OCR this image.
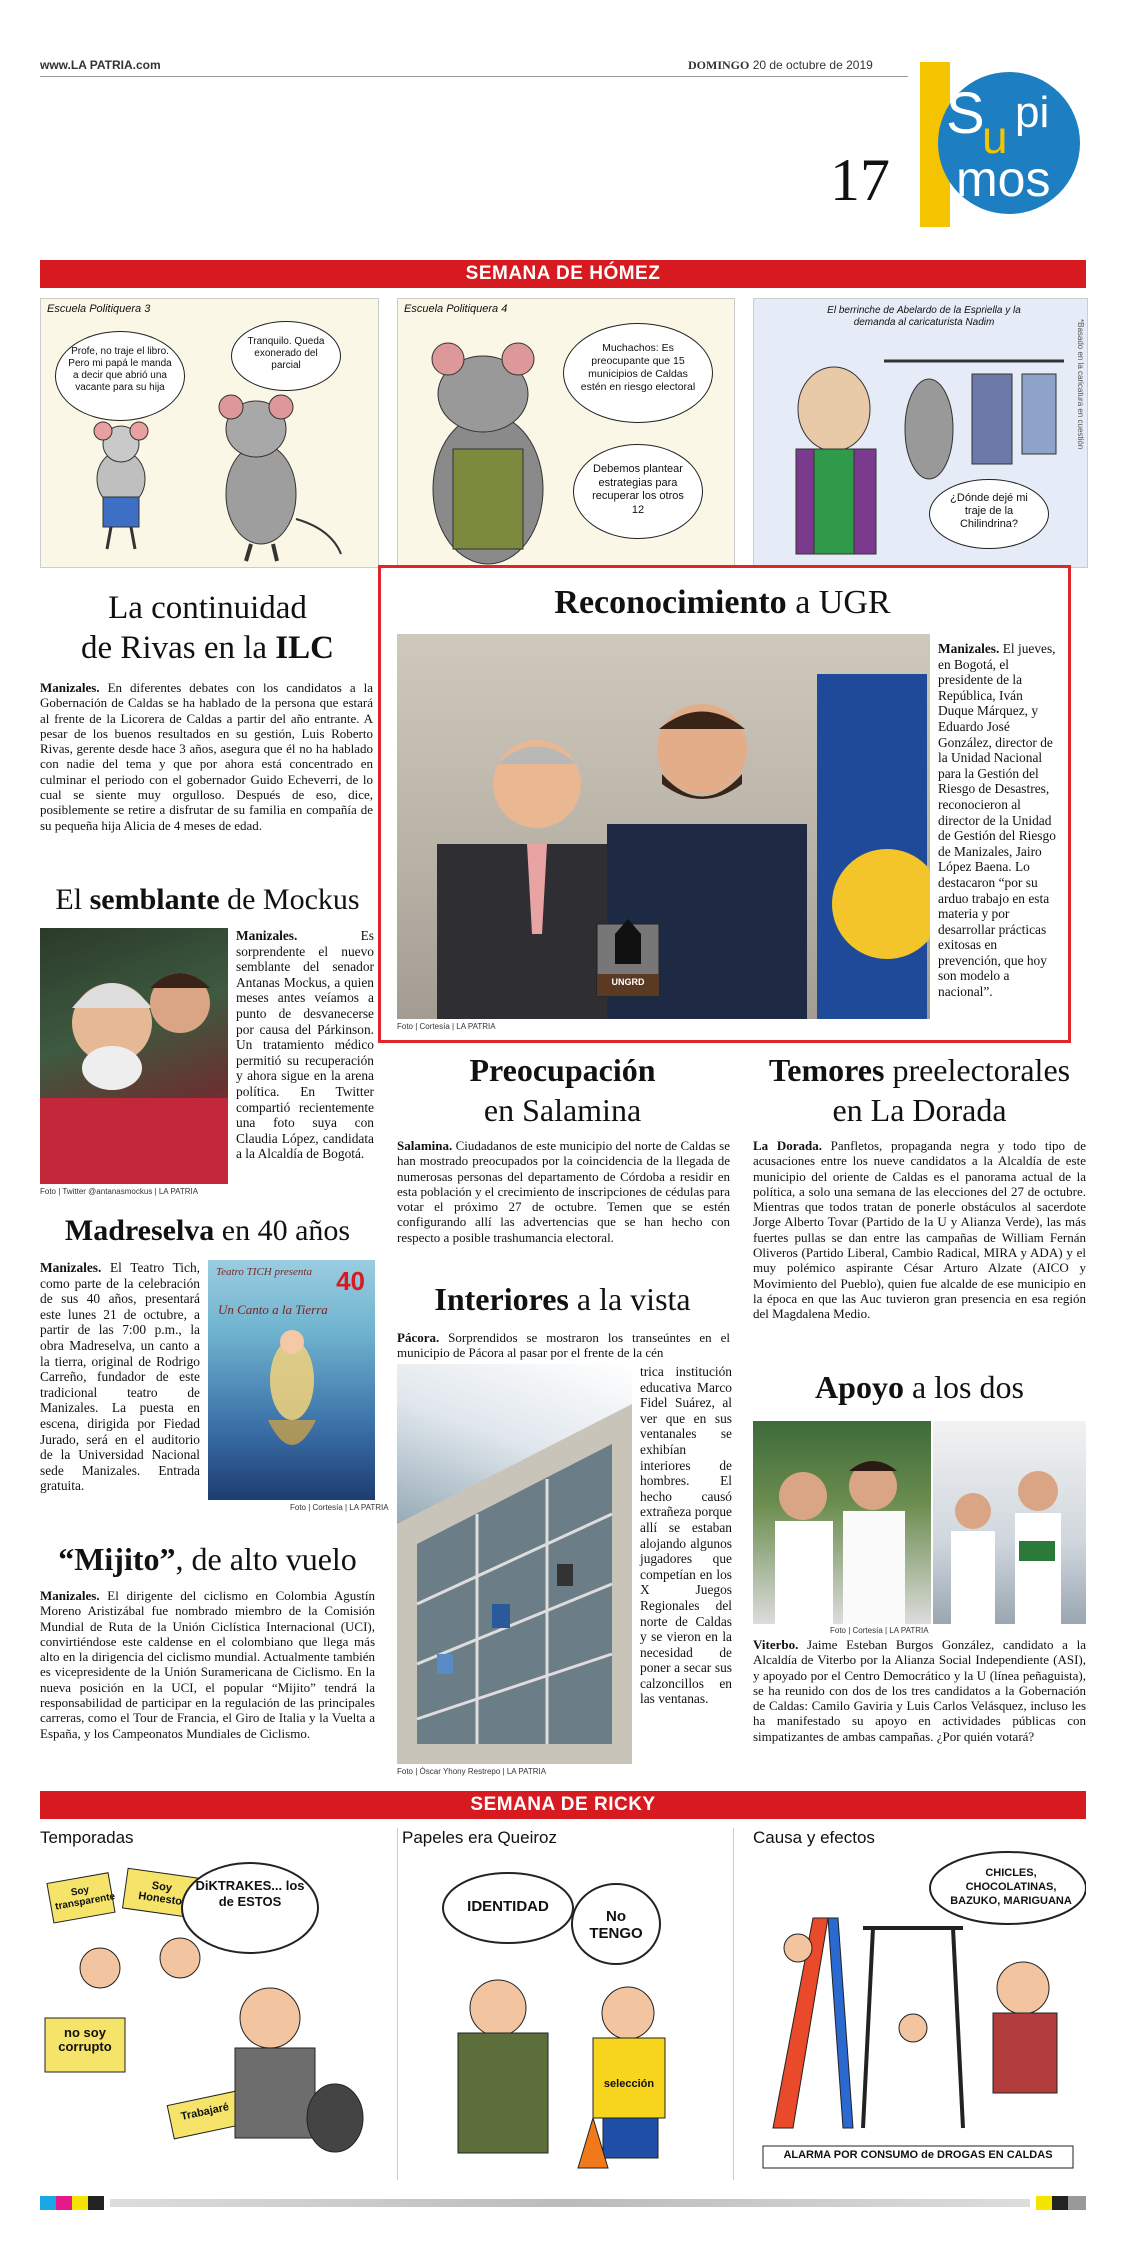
www.LA PATRIA.com	DOMINGO 20 de octubre de 2019
17
S
u pi
mos
SEMANA DE HÓMEZ
Escuela Politiquera 3
Profe, no traje el libro. Pero mi papá le manda a decir que abrió una vacante para su hija
Tranquilo. Queda exonerado del parcial
Escuela Politiquera 4
Muchachos: Es preocupante que 15 municipios de Caldas estén en riesgo electoral
Debemos plantear estrategias para recuperar los otros 12
El berrinche de Abelardo de la Espriella y la demanda al caricaturista Nadim
¿Dónde dejé mi traje de la Chilindrina?
*Basado en la caricatura en cuestión
La continuidad
de Rivas en la ILC
Manizales. En diferentes debates con los candidatos a la Gobernación de Caldas se ha hablado de la persona que estará al frente de la Licorera de Caldas a partir del año entrante. A pesar de los buenos resultados en su gestión, Luis Roberto Rivas, gerente desde hace 3 años, asegura que él no ha hablado con nadie del tema y que por ahora está concentrado en culminar el periodo con el gobernador Guido Echeverri, de lo cual se siente muy orgulloso. Después de eso, dice, posiblemente se retire a disfrutar de su familia en compañía de su pequeña hija Alicia de 4 meses de edad.
El semblante de Mockus
Foto | Twitter @antanasmockus | LA PATRIA
Manizales. Es sorprendente el nuevo semblante del senador Antanas Mockus, a quien meses antes veíamos a punto de desvanecerse por causa del Párkinson. Un tratamiento médico permitió su recuperación y ahora sigue en la arena política. En Twitter compartió recientemente una foto suya con Claudia López, candidata a la Alcaldía de Bogotá.
Madreselva en 40 años
Manizales. El Teatro Tich, como parte de la celebración de sus 40 años, presentará este lunes 21 de octubre, a partir de las 7:00 p.m., la obra Madreselva, un canto a la tierra, original de Rodrigo Carreño, fundador de este tradicional teatro de Manizales. La puesta en escena, dirigida por Fiedad Jurado, será en el auditorio de la Universidad Nacional sede Manizales. Entrada gratuita.
Teatro TICH presenta 40
Un Canto a la Tierra
Foto | Cortesía | LA PATRIA
“Mijito”, de alto vuelo
Manizales. El dirigente del ciclismo en Colombia Agustín Moreno Aristizábal fue nombrado miembro de la Comisión Mundial de Ruta de la Unión Ciclística Internacional (UCI), convirtiéndose este caldense en el colombiano que llega más alto en la dirigencia del ciclismo mundial. Actualmente también es vicepresidente de la Unión Suramericana de Ciclismo. En la nueva posición en la UCI, el popular “Mijito” tendrá la responsabilidad de participar en la regulación de las principales carreras, como el Tour de Francia, el Giro de Italia y la Vuelta a España, y los Campeonatos Mundiales de Ciclismo.
Reconocimiento a UGR
UNGRD
Foto | Cortesía | LA PATRIA
Manizales. El jueves, en Bogotá, el presidente de la República, Iván Duque Márquez, y Eduardo José González, director de la Unidad Nacional para la Gestión del Riesgo de Desastres, reconocieron al director de la Unidad de Gestión del Riesgo de Manizales, Jairo López Baena. Lo destacaron “por su arduo trabajo en esta materia y por desarrollar prácticas exitosas en prevención, que hoy son modelo a nacional”.
Preocupación
en Salamina
Salamina. Ciudadanos de este municipio del norte de Caldas se han mostrado preocupados por la coincidencia de la llegada de numerosas personas del departamento de Córdoba a residir en esta población y el crecimiento de inscripciones de cédulas para votar el próximo 27 de octubre. Temen que se estén configurando allí las advertencias que se han hecho con respecto a posible trashumancia electoral.
Interiores a la vista
Pácora. Sorprendidos se mostraron los transeúntes en el municipio de Pácora al pasar por el frente de la cén
trica institución educativa Marco Fidel Suárez, al ver que en sus ventanales se exhibían interiores de hombres. El hecho causó extrañeza porque allí se estaban alojando algunos jugadores que competían en los X Juegos Regionales del norte de Caldas y se vieron en la necesidad de poner a secar sus calzoncillos en las ventanas.
Foto | Óscar Yhony Restrepo | LA PATRIA
Temores preelectorales
en La Dorada
La Dorada. Panfletos, propaganda negra y todo tipo de acusaciones entre los nueve candidatos a la Alcaldía de este municipio del oriente de Caldas es el panorama actual de la política, a solo una semana de las elecciones del 27 de octubre. Mientras que todos tratan de ponerle obstáculos al sacerdote Jorge Alberto Tovar (Partido de la U y Alianza Verde), las más fuertes pullas se dan entre las campañas de William Fernán Oliveros (Partido Liberal, Cambio Radical, MIRA y ADA) y el muy polémico aspirante César Arturo Alzate (AICO y Movimiento del Pueblo), quien fue alcalde de ese municipio en la época en que las Auc tuvieron gran presencia en esa región del Magdalena Medio.
Apoyo a los dos
Foto | Cortesía | LA PATRIA
Viterbo. Jaime Esteban Burgos González, candidato a la Alcaldía de Viterbo por la Alianza Social Independiente (ASI), y apoyado por el Centro Democrático y la U (línea peñaguista), se ha reunido con dos de los tres candidatos a la Gobernación de Caldas: Camilo Gaviria y Luis Carlos Velásquez, incluso les ha manifestado su apoyo en actividades públicas con simpatizantes de ambas campañas. ¿Por quién votará?
SEMANA DE RICKY
Temporadas
Soy transparente
Soy Honesto
no soy corrupto
Trabajaré
DiKTRAKES... los de ESTOS
Papeles era Queiroz
IDENTIDAD
No TENGO
selección
Causa y efectos
CHICLES, CHOCOLATINAS, BAZUKO, MARIGUANA
ALARMA POR CONSUMO de DROGAS EN CALDAS
